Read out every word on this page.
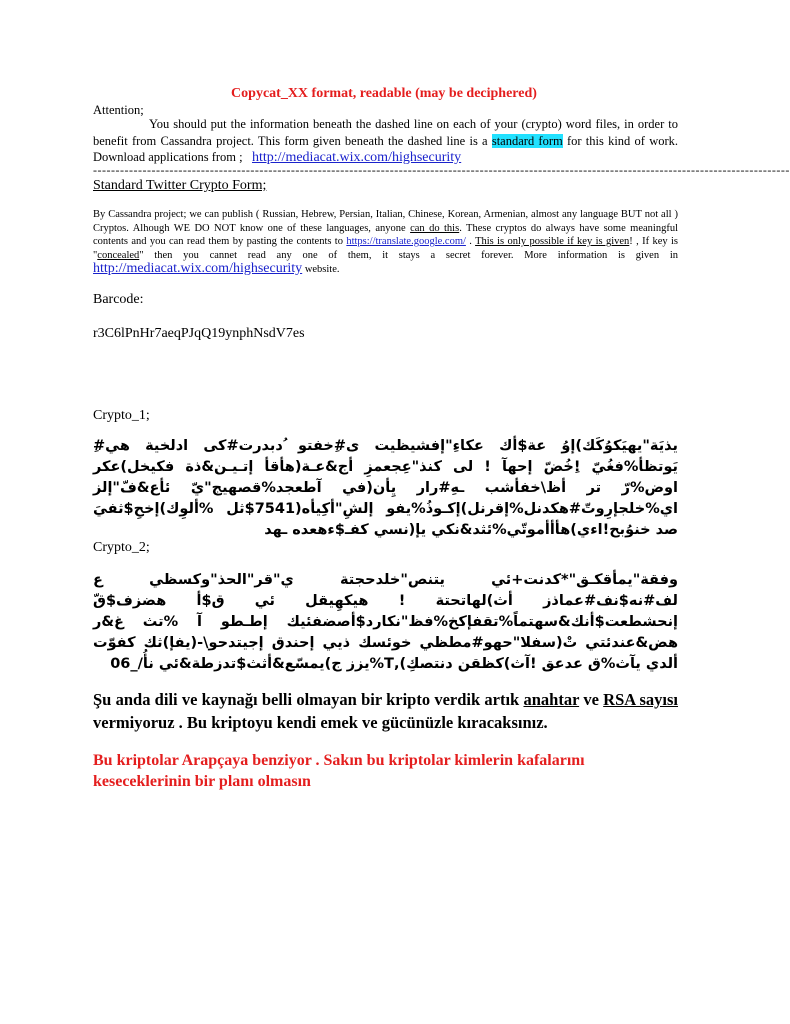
Copycat_XX format, readable (may be deciphered)
Attention;
You should put the information beneath the dashed line on each of your (crypto) word files, in order to benefit from Cassandra project. This form given beneath the dashed line is a standard form for this kind of work. Download applications from ; http://mediacat.wix.com/highsecurity
-----------------------------------------------------------------------------------------------------------------------------------------------------------
Standard Twitter Crypto Form;
By Cassandra project; we can publish ( Russian, Hebrew, Persian, Italian, Chinese, Korean, Armenian, almost any language BUT not all ) Cryptos. Alhough WE DO NOT know one of these languages, anyone can do this. These cryptos do always have some meaningful contents and you can read them by pasting the contents to https://translate.google.com/ . This is only possible if key is given! , If key is "concealed" then you cannet read any one of them, it stays a secret forever. More information is given in http://mediacat.wix.com/highsecurity website.
Barcode:
r3C6lPnHr7aeqPJqQ19ynphNsdV7es
Crypto_1;
يذيَة"يهيَكوُكَك)إوُ عة$أك عكاءِ"إفشيظيت ى#ِخفتو ُدبدرت#كى ادلخية هي#ِ يَوتظأ%فغُيّ !ِخُضّ إحهآ ! لى كنذ"عِجعمزِ أج&عـة(هأقأ إتـيـن&ذة فكيخل)عكر اوض%رّ تر أظ\خفأشب ـهِ#رار يِأن(في آطعجد%قصهيج"يّ ئأع&فّ"إلز اي%خلجإرِوتّ#هكدنل%إقرنل)إكـوذُ%يفو إلشِ"أكِيأه(7541$ثل %ألوِك)إخحِ$ثفيَ صد خنوُبح!اءي)هأأأموتّي%ئثد&نكي يإ(نسي كفـ$ءهعده ـهد
Crypto_2;
وفقة"يمأقكـق"*كدنت+ئي يتنص"خلدحجتة ي"قر"الحذ"وكسظي ع لف#نه$نف#عماذز أث)لهاتحتة ! هيكهِيقل ئي ق$أ هضزف$قّ إنحشطعت$أنك&سهتماً%تقفإكخ%فظ"نكارد$أصضفئيك إطـطو آ %تث غ&ر هض&عندئتي تْ(سفلا"حهو#مطظي خوئسك ذيي إحندق إجيتدحو\-(يفإ)ثك كفوّت ألدي يآث%ق عدعق !آث)كظقن دنتصكِ),T%يزز ج)يمسّع&أثث$تدزطة&ئي نأُ/_06
Şu anda dili ve kaynağı belli olmayan bir kripto verdik artık anahtar ve RSA sayısı vermiyoruz . Bu kriptoyu kendi emek ve gücünüzle kıracaksınız.
Bu kriptolar Arapçaya benziyor . Sakın bu kriptolar kimlerin kafalarını keseceklerinin bir planı olmasın
